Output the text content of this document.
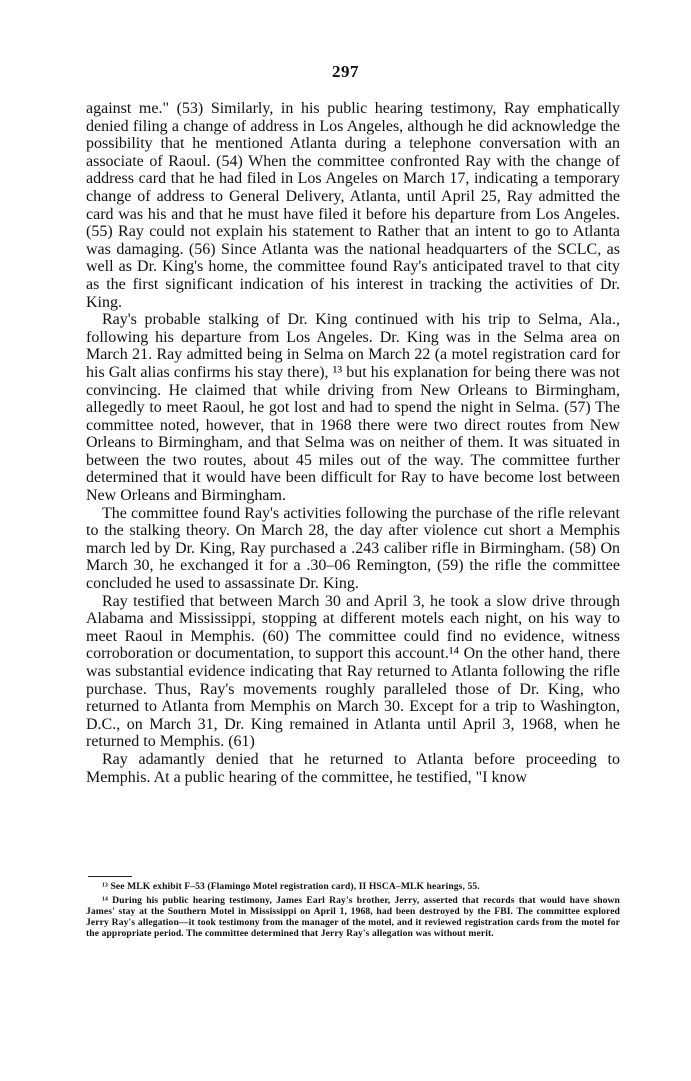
297

against me." (53) Similarly, in his public hearing testimony, Ray emphatically denied filing a change of address in Los Angeles, although he did acknowledge the possibility that he mentioned Atlanta during a telephone conversation with an associate of Raoul. (54) When the committee confronted Ray with the change of address card that he had filed in Los Angeles on March 17, indicating a temporary change of address to General Delivery, Atlanta, until April 25, Ray admitted the card was his and that he must have filed it before his departure from Los Angeles. (55) Ray could not explain his statement to Rather that an intent to go to Atlanta was damaging. (56) Since Atlanta was the national headquarters of the SCLC, as well as Dr. King's home, the committee found Ray's anticipated travel to that city as the first significant indication of his interest in tracking the activities of Dr. King.

Ray's probable stalking of Dr. King continued with his trip to Selma, Ala., following his departure from Los Angeles. Dr. King was in the Selma area on March 21. Ray admitted being in Selma on March 22 (a motel registration card for his Galt alias confirms his stay there), ¹³ but his explanation for being there was not convincing. He claimed that while driving from New Orleans to Birmingham, allegedly to meet Raoul, he got lost and had to spend the night in Selma. (57) The committee noted, however, that in 1968 there were two direct routes from New Orleans to Birmingham, and that Selma was on neither of them. It was situated in between the two routes, about 45 miles out of the way. The committee further determined that it would have been difficult for Ray to have become lost between New Orleans and Birmingham.

The committee found Ray's activities following the purchase of the rifle relevant to the stalking theory. On March 28, the day after violence cut short a Memphis march led by Dr. King, Ray purchased a .243 caliber rifle in Birmingham. (58) On March 30, he exchanged it for a .30–06 Remington, (59) the rifle the committee concluded he used to assassinate Dr. King.

Ray testified that between March 30 and April 3, he took a slow drive through Alabama and Mississippi, stopping at different motels each night, on his way to meet Raoul in Memphis. (60) The committee could find no evidence, witness corroboration or documentation, to support this account.¹⁴ On the other hand, there was substantial evidence indicating that Ray returned to Atlanta following the rifle purchase. Thus, Ray's movements roughly paralleled those of Dr. King, who returned to Atlanta from Memphis on March 30. Except for a trip to Washington, D.C., on March 31, Dr. King remained in Atlanta until April 3, 1968, when he returned to Memphis. (61)

Ray adamantly denied that he returned to Atlanta before proceeding to Memphis. At a public hearing of the committee, he testified, "I know

¹³ See MLK exhibit F–53 (Flamingo Motel registration card), II HSCA–MLK hearings, 55.

¹⁴ During his public hearing testimony, James Earl Ray's brother, Jerry, asserted that records that would have shown James' stay at the Southern Motel in Mississippi on April 1, 1968, had been destroyed by the FBI. The committee explored Jerry Ray's allegation—it took testimony from the manager of the motel, and it reviewed registration cards from the motel for the appropriate period. The committee determined that Jerry Ray's allegation was without merit.
